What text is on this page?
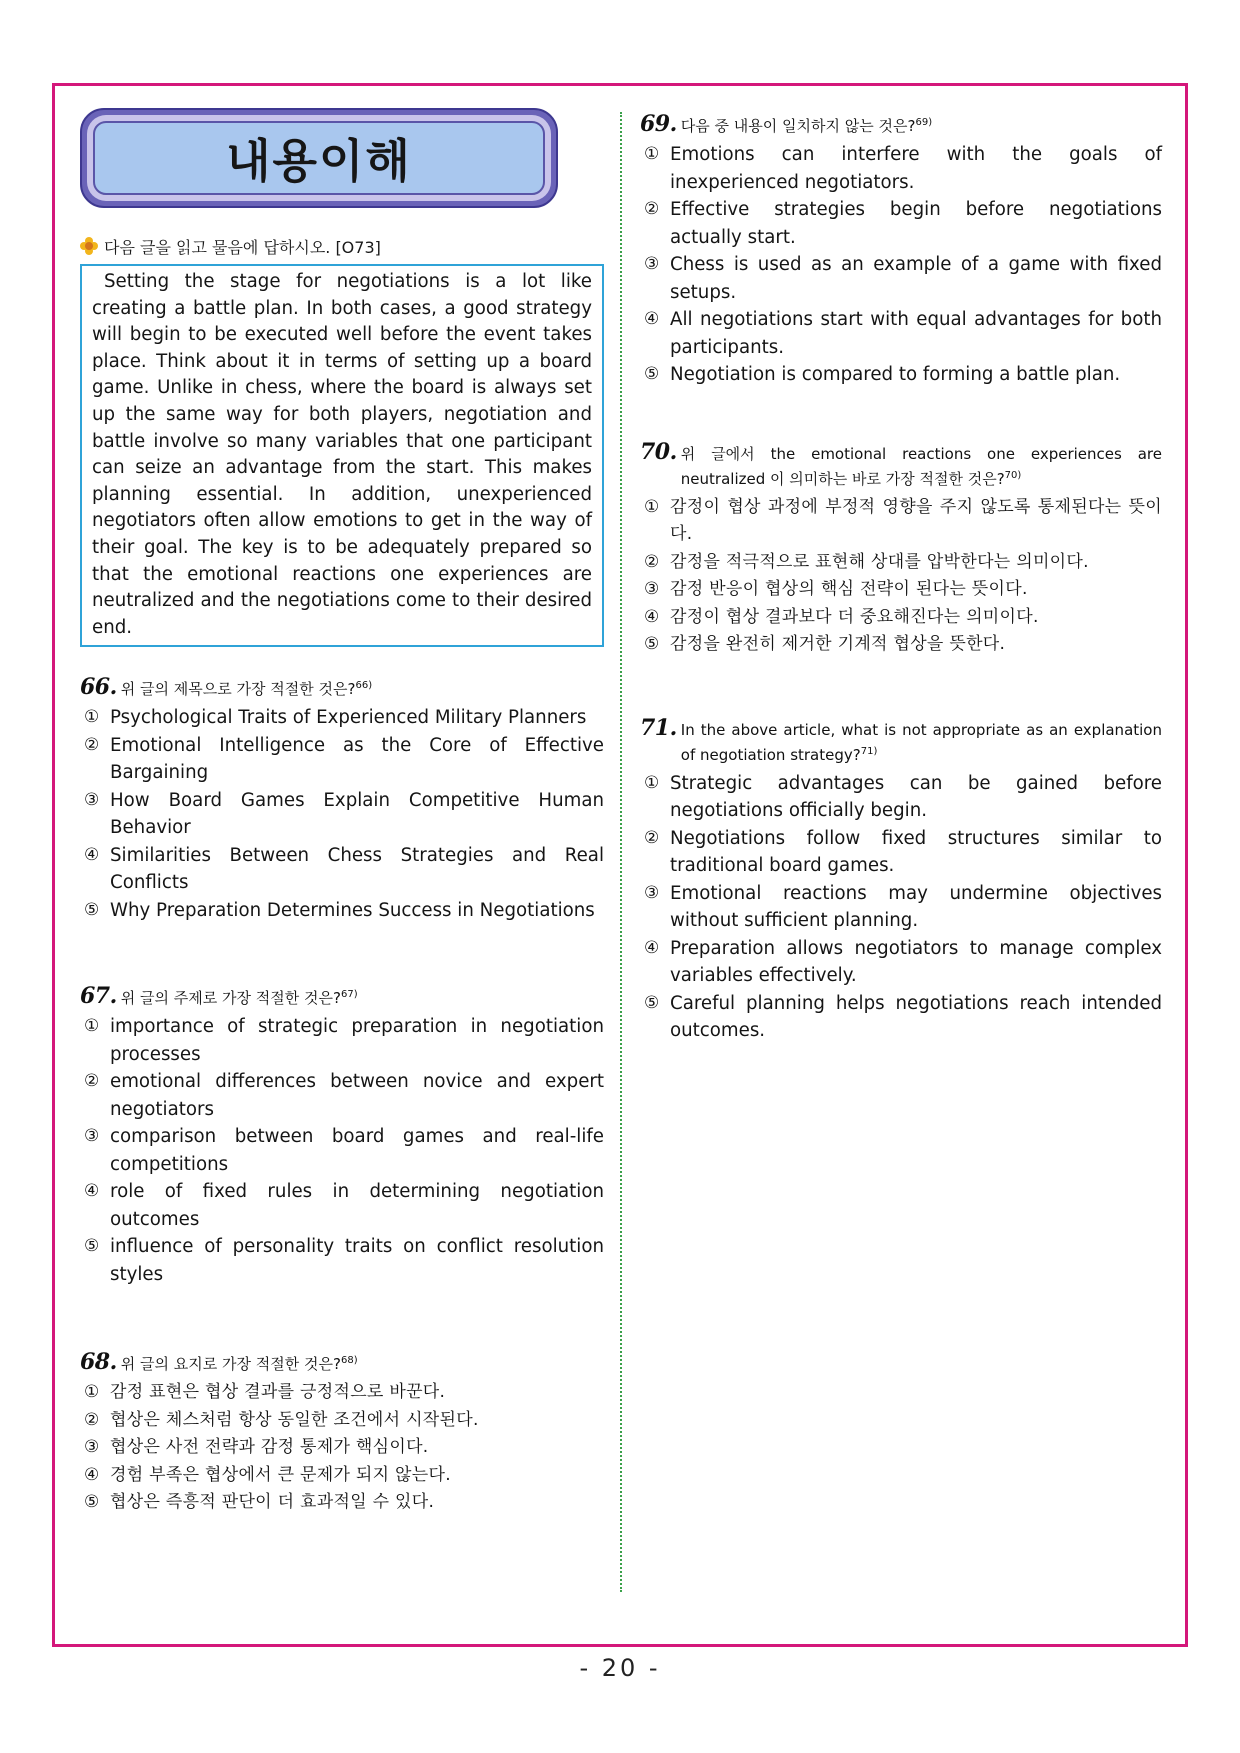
내용이해
다음 글을 읽고 물음에 답하시오. [O73]
Setting the stage for negotiations is a lot like creating a battle plan. In both cases, a good strategy will begin to be executed well before the event takes place. Think about it in terms of setting up a board game. Unlike in chess, where the board is always set up the same way for both players, negotiation and battle involve so many variables that one participant can seize an advantage from the start. This makes planning essential. In addition, unexperienced negotiators often allow emotions to get in the way of their goal. The key is to be adequately prepared so that the emotional reactions one experiences are neutralized and the negotiations come to their desired end.
66. 위 글의 제목으로 가장 적절한 것은?$^{66)}$
① Psychological Traits of Experienced Military Planners
② Emotional Intelligence as the Core of Effective Bargaining
③ How Board Games Explain Competitive Human Behavior
④ Similarities Between Chess Strategies and Real Conflicts
⑤ Why Preparation Determines Success in Negotiations
67. 위 글의 주제로 가장 적절한 것은?$^{67)}$
① importance of strategic preparation in negotiation processes
② emotional differences between novice and expert negotiators
③ comparison between board games and real-life competitions
④ role of fixed rules in determining negotiation outcomes
⑤ influence of personality traits on conflict resolution styles
68. 위 글의 요지로 가장 적절한 것은?$^{68)}$
① 감정 표현은 협상 결과를 긍정적으로 바꾼다.
② 협상은 체스처럼 항상 동일한 조건에서 시작된다.
③ 협상은 사전 전략과 감정 통제가 핵심이다.
④ 경험 부족은 협상에서 큰 문제가 되지 않는다.
⑤ 협상은 즉흥적 판단이 더 효과적일 수 있다.
69. 다음 중 내용이 일치하지 않는 것은?$^{69)}$
① Emotions can interfere with the goals of inexperienced negotiators.
② Effective strategies begin before negotiations actually start.
③ Chess is used as an example of a game with fixed setups.
④ All negotiations start with equal advantages for both participants.
⑤ Negotiation is compared to forming a battle plan.
70. 위 글에서 the emotional reactions one experiences are neutralized 이 의미하는 바로 가장 적절한 것은?$^{70)}$
① 감정이 협상 과정에 부정적 영향을 주지 않도록 통제된다는 뜻이다.
② 감정을 적극적으로 표현해 상대를 압박한다는 의미이다.
③ 감정 반응이 협상의 핵심 전략이 된다는 뜻이다.
④ 감정이 협상 결과보다 더 중요해진다는 의미이다.
⑤ 감정을 완전히 제거한 기계적 협상을 뜻한다.
71. In the above article, what is not appropriate as an explanation of negotiation strategy?$^{71)}$
① Strategic advantages can be gained before negotiations officially begin.
② Negotiations follow fixed structures similar to traditional board games.
③ Emotional reactions may undermine objectives without sufficient planning.
④ Preparation allows negotiators to manage complex variables effectively.
⑤ Careful planning helps negotiations reach intended outcomes.
- 20 -
